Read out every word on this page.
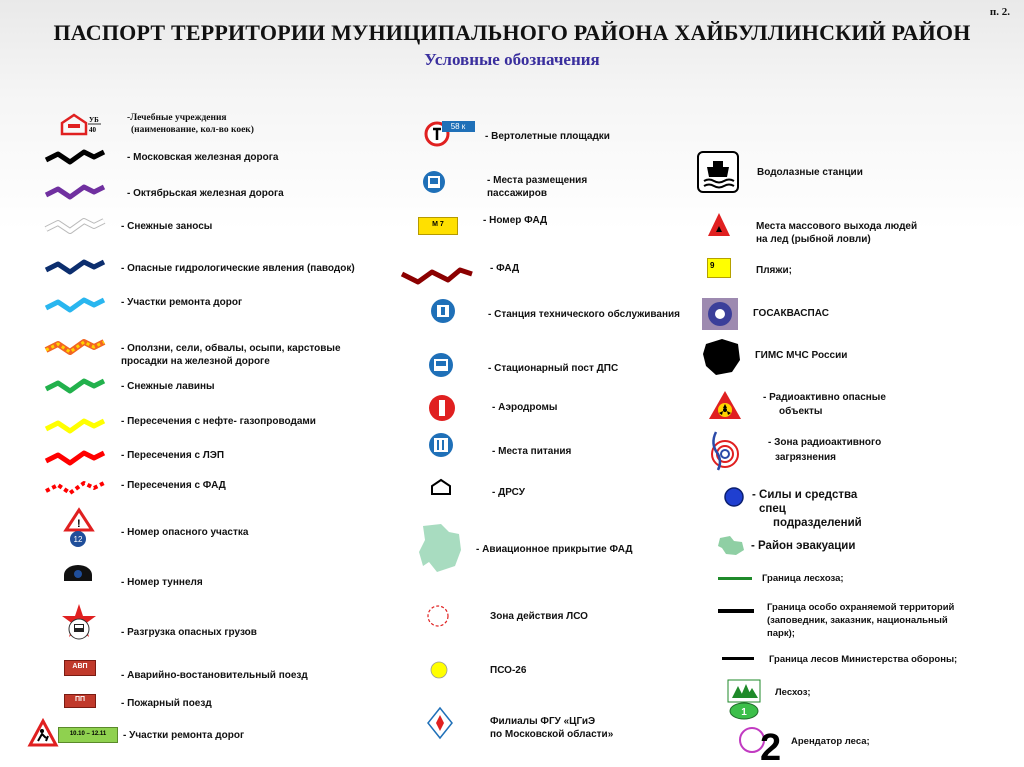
п. 2.
ПАСПОРТ ТЕРРИТОРИИ МУНИЦИПАЛЬНОГО РАЙОНА ХАЙБУЛЛИНСКИЙ РАЙОН
Условные обозначения
УБ
40
-Лечебные учреждения
(наименование, кол-во коек)
- Московская железная дорога
- Октябрьская железная дорога
- Снежные заносы
- Опасные гидрологические явления (паводок)
- Участки ремонта дорог
- Оползни, сели, обвалы, осыпи, карстовые
просадки на железной дороге
- Снежные лавины
- Пересечения с нефте- газопроводами
- Пересечения с ЛЭП
- Пересечения с ФАД
!
12
- Номер опасного участка
- Номер туннеля
- Разгрузка опасных грузов
АВП
- Аварийно-востановительный поезд
ПП	- Пожарный поезд
10.10 – 12.11	- Участки ремонта дорог
58 к
- Вертолетные площадки
- Места размещения
пассажиров
М 7	- Номер ФАД
- ФАД
- Станция технического обслуживания
- Стационарный пост ДПС
- Аэродромы
- Места питания
- ДРСУ
- Авиационное прикрытие ФАД
Зона действия ЛСО
ПСО-26
Филиалы ФГУ «ЦГиЭ
по Московской области»
Водолазные станции
Места массового выхода людей
на лед (рыбной ловли)
9	Пляжи;
ГОСАКВАСПАС
ГИМС МЧС России
- Радиоактивно опасные
объекты
- Зона радиоактивного
загрязнения
- Силы и средства
спец
подразделений
- Район эвакуации
Граница лесхоза;
Граница особо охраняемой территорий
(заповедник, заказник, национальный
парк);
Граница лесов Министерства обороны;
1
Лесхоз;
2 Арендатор леса;
